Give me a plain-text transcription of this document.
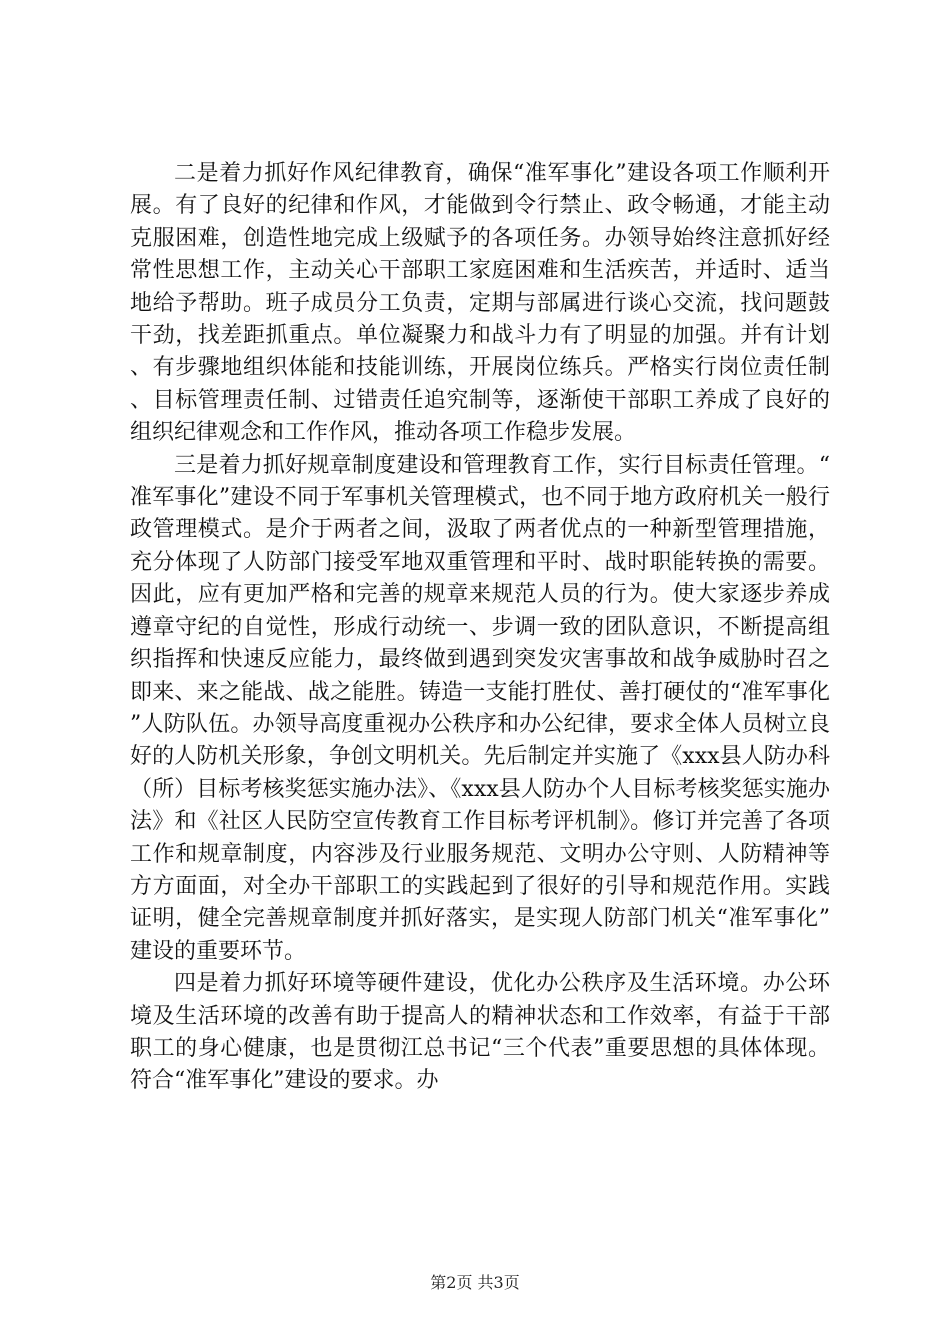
二是着力抓好作风纪律教育，确保“准军事化”建设各项工作顺利开展。有了良好的纪律和作风，才能做到令行禁止、政令畅通，才能主动克服困难，创造性地完成上级赋予的各项任务。办领导始终注意抓好经常性思想工作，主动关心干部职工家庭困难和生活疾苦，并适时、适当地给予帮助。班子成员分工负责，定期与部属进行谈心交流，找问题鼓干劲，找差距抓重点。单位凝聚力和战斗力有了明显的加强。并有计划、有步骤地组织体能和技能训练，开展岗位练兵。严格实行岗位责任制、目标管理责任制、过错责任追究制等，逐渐使干部职工养成了良好的组织纪律观念和工作作风，推动各项工作稳步发展。

三是着力抓好规章制度建设和管理教育工作，实行目标责任管理。“准军事化”建设不同于军事机关管理模式，也不同于地方政府机关一般行政管理模式。是介于两者之间，汲取了两者优点的一种新型管理措施，充分体现了人防部门接受军地双重管理和平时、战时职能转换的需要。因此，应有更加严格和完善的规章来规范人员的行为。使大家逐步养成遵章守纪的自觉性，形成行动统一、步调一致的团队意识，不断提高组织指挥和快速反应能力，最终做到遇到突发灾害事故和战争威胁时召之即来、来之能战、战之能胜。铸造一支能打胜仗、善打硬仗的“准军事化”人防队伍。办领导高度重视办公秩序和办公纪律，要求全体人员树立良好的人防机关形象，争创文明机关。先后制定并实施了《xxx县人防办科（所）目标考核奖惩实施办法》、《xxx县人防办个人目标考核奖惩实施办法》和《社区人民防空宣传教育工作目标考评机制》。修订并完善了各项工作和规章制度，内容涉及行业服务规范、文明办公守则、人防精神等方方面面，对全办干部职工的实践起到了很好的引导和规范作用。实践证明，健全完善规章制度并抓好落实，是实现人防部门机关“准军事化”建设的重要环节。

四是着力抓好环境等硬件建设，优化办公秩序及生活环境。办公环境及生活环境的改善有助于提高人的精神状态和工作效率，有益于干部职工的身心健康，也是贯彻江总书记“三个代表”重要思想的具体体现。符合“准军事化”建设的要求。办

第2页 共3页
